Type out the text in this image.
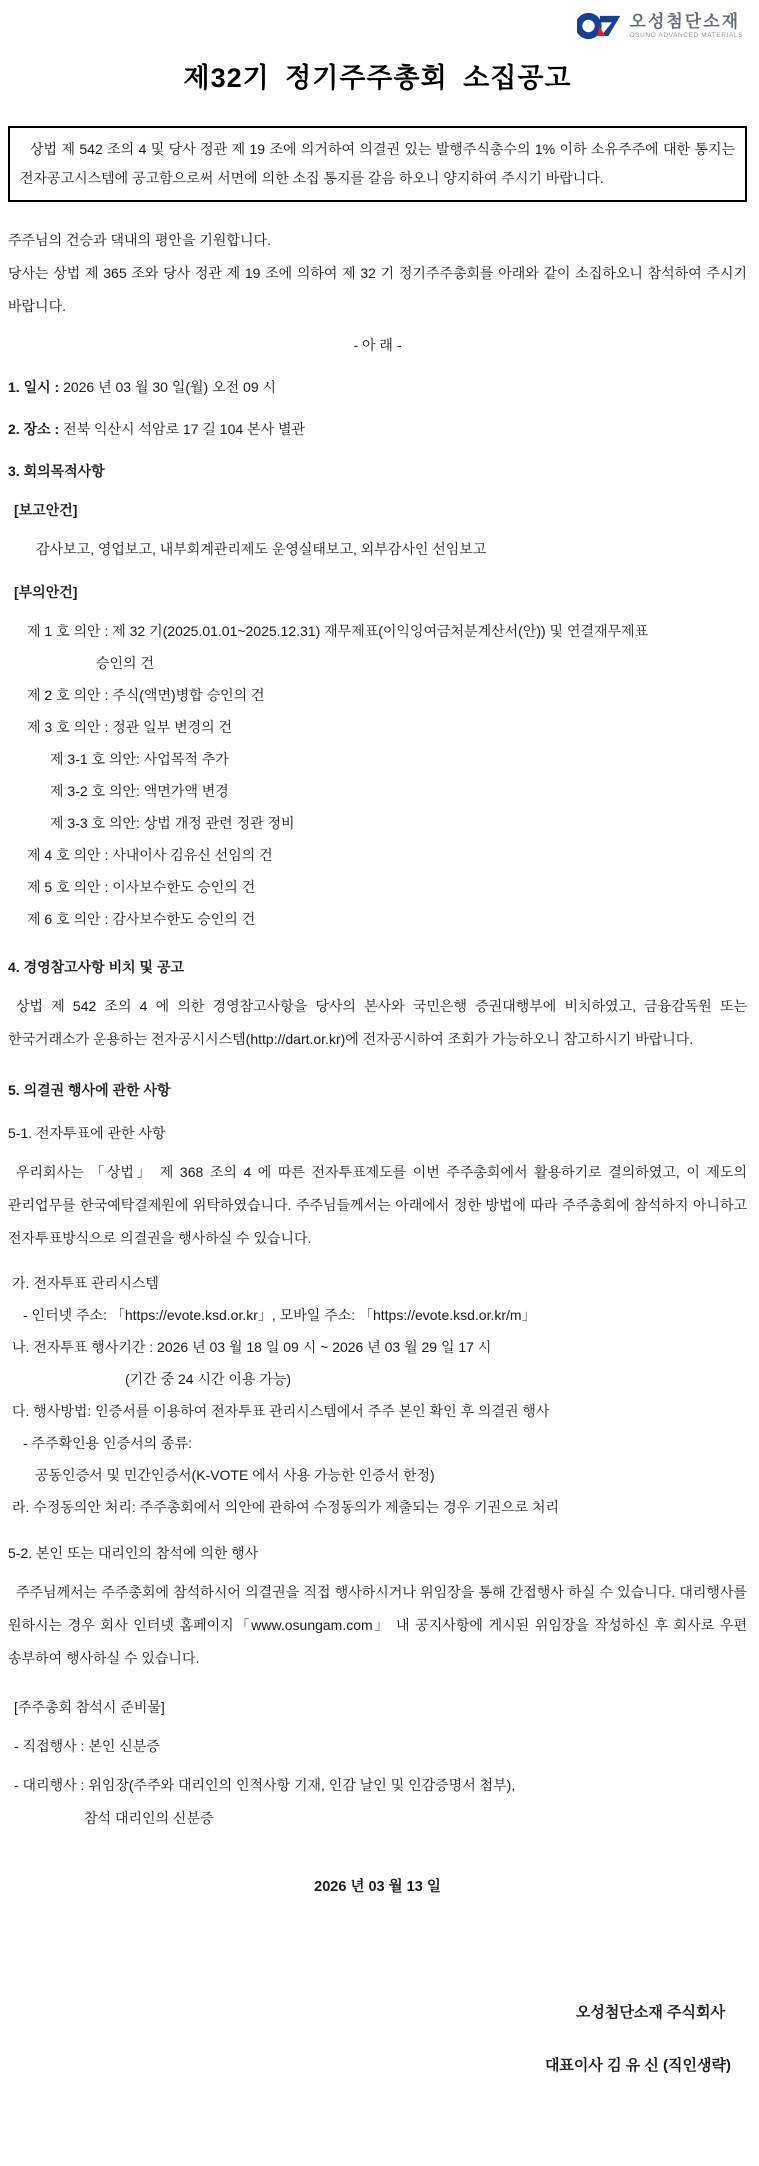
오성첨단소재
OSUNG ADVANCED MATERIALS
제32기 정기주주총회 소집공고
상법 제 542 조의 4 및 당사 정관 제 19 조에 의거하여 의결권 있는 발행주식총수의 1% 이하 소유주주에 대한 통지는 전자공고시스템에 공고함으로써 서면에 의한 소집 통지를 갈음 하오니 양지하여 주시기 바랍니다.

주주님의 건승과 댁내의 평안을 기원합니다.

당사는 상법 제 365 조와 당사 정관 제 19 조에 의하여 제 32 기 정기주주총회를 아래와 같이 소집하오니 참석하여 주시기 바랍니다.

- 아 래 -

1. 일시 : 2026 년 03 월 30 일(월) 오전 09 시
2. 장소 : 전북 익산시 석암로 17 길 104 본사 별관
3. 회의목적사항
[보고안건]
감사보고, 영업보고, 내부회계관리제도 운영실태보고, 외부감사인 선임보고
[부의안건]
제 1 호 의안 : 제 32 기(2025.01.01~2025.12.31) 재무제표(이익잉여금처분계산서(안)) 및 연결재무제표
승인의 건
제 2 호 의안 : 주식(액면)병합 승인의 건
제 3 호 의안 : 정관 일부 변경의 건
제 3-1 호 의안: 사업목적 추가
제 3-2 호 의안: 액면가액 변경
제 3-3 호 의안: 상법 개정 관련 정관 정비
제 4 호 의안 : 사내이사 김유신 선임의 건
제 5 호 의안 : 이사보수한도 승인의 건
제 6 호 의안 : 감사보수한도 승인의 건
4. 경영참고사항 비치 및 공고

상법 제 542 조의 4 에 의한 경영참고사항을 당사의 본사와 국민은행 증권대행부에 비치하였고, 금융감독원 또는 한국거래소가 운용하는 전자공시시스템(http://dart.or.kr)에 전자공시하여 조회가 가능하오니 참고하시기 바랍니다.

5. 의결권 행사에 관한 사항
5-1. 전자투표에 관한 사항

우리회사는 「상법」 제 368 조의 4 에 따른 전자투표제도를 이번 주주총회에서 활용하기로 결의하였고, 이 제도의 관리업무를 한국예탁결제원에 위탁하였습니다. 주주님들께서는 아래에서 정한 방법에 따라 주주총회에 참석하지 아니하고 전자투표방식으로 의결권을 행사하실 수 있습니다.

가. 전자투표 관리시스템
- 인터넷 주소: 「https://evote.ksd.or.kr」, 모바일 주소: 「https://evote.ksd.or.kr/m」
나. 전자투표 행사기간 : 2026 년 03 월 18 일 09 시 ~ 2026 년 03 월 29 일 17 시
(기간 중 24 시간 이용 가능)
다. 행사방법: 인증서를 이용하여 전자투표 관리시스템에서 주주 본인 확인 후 의결권 행사
- 주주확인용 인증서의 종류:
공동인증서 및 민간인증서(K-VOTE 에서 사용 가능한 인증서 한정)
라. 수정동의안 처리: 주주총회에서 의안에 관하여 수정동의가 제출되는 경우 기권으로 처리
5-2. 본인 또는 대리인의 참석에 의한 행사

주주님께서는 주주총회에 참석하시어 의결권을 직접 행사하시거나 위임장을 통해 간접행사 하실 수 있습니다. 대리행사를 원하시는 경우 회사 인터넷 홈페이지「www.osungam.com」 내 공지사항에 게시된 위임장을 작성하신 후 회사로 우편 송부하여 행사하실 수 있습니다.

[주주총회 참석시 준비물]
- 직접행사 : 본인 신분증
- 대리행사 : 위임장(주주와 대리인의 인적사항 기재, 인감 날인 및 인감증명서 첨부),
참석 대리인의 신분증
2026 년 03 월 13 일
오성첨단소재 주식회사
대표이사 김 유 신 (직인생략)
